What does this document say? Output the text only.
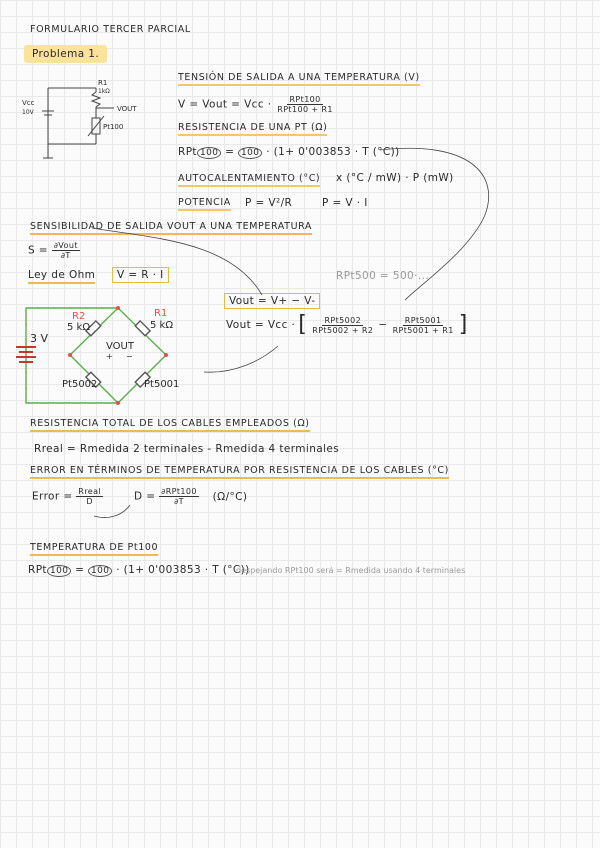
FORMULARIO TERCER PARCIAL
Problema 1.
R1
1kΩ
Vcc
10V	VOUT
Pt100
TENSIÓN DE SALIDA A UNA TEMPERATURA (V)
V = Vout = Vcc · $\frac{\text{RPt100}}{\text{RPt100 + R1}}$
RESISTENCIA DE UNA PT (Ω)
RPt 100 = 100 · (1+ 0'003853 · T (°C))
AUTOCALENTAMIENTO (°C) x (°C / mW) · P (mW)
POTENCIA P = V²/R	P = V · I
SENSIBILIDAD DE SALIDA VOUT A UNA TEMPERATURA
$S = \frac{\text{∂Vout}}{\partial T}$
Ley de Ohm	V = R · I	RPt500 = 500·...
Vout = V+ − V-
Vout = Vcc · [ $\frac{\text{RPt5002}}{\text{RPt5002 + R2}} - \frac{\text{RPt5001}}{\text{RPt5001 + R1}}$ ]
3 V
R2
5 kΩ
R1
5 kΩ
VOUT
+ −
Pt5002	Pt5001
RESISTENCIA TOTAL DE LOS CABLES EMPLEADOS (Ω)
Rreal = Rmedida 2 terminales - Rmedida 4 terminales
ERROR EN TÉRMINOS DE TEMPERATURA POR RESISTENCIA DE LOS CABLES (°C)
Error = $\frac{\text{Rreal}}{D}$	$D = \frac{\text{∂RPt100}}{\partial T} (\Omega/^\circ C)$
TEMPERATURA DE Pt100
RPt 100 = 100 · (1+ 0'003853 · T (°C))
despejando RPt100 será = Rmedida usando 4 terminales
